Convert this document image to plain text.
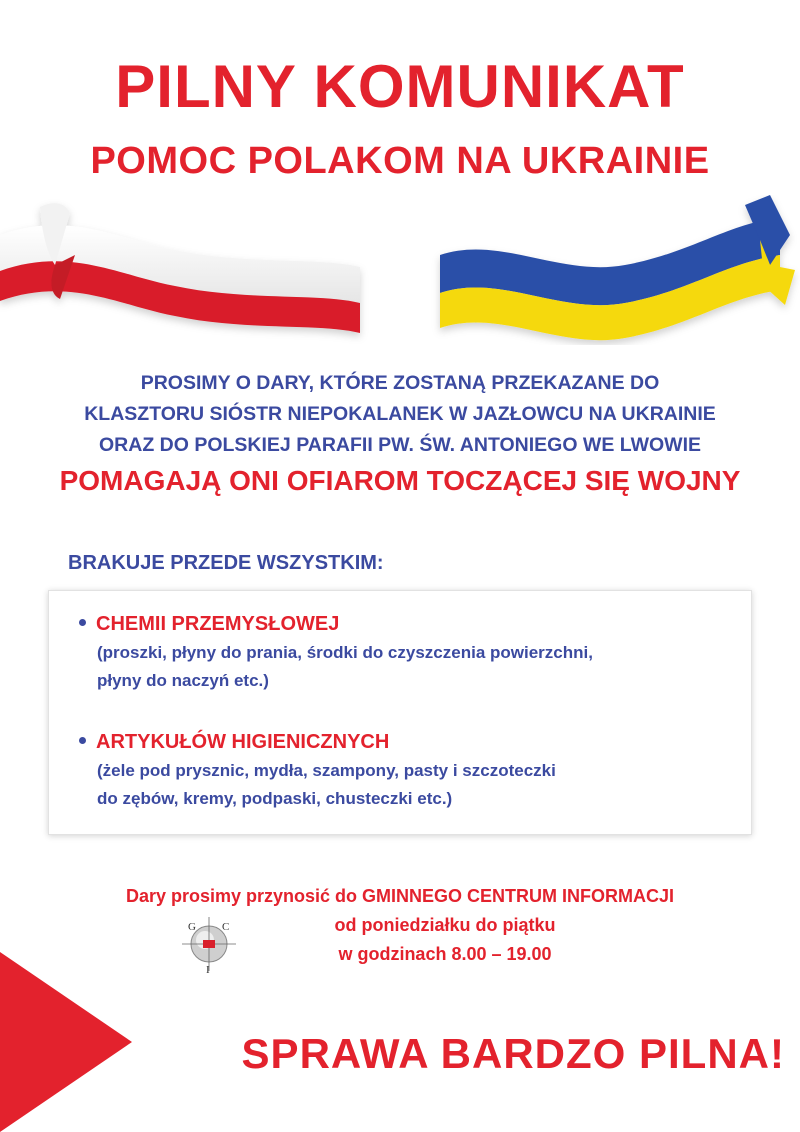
PILNY KOMUNIKAT
POMOC POLAKOM NA UKRAINIE
PROSIMY O DARY, KTÓRE ZOSTANĄ PRZEKAZANE DO
KLASZTORU SIÓSTR NIEPOKALANEK W JAZŁOWCU NA UKRAINIE
ORAZ DO POLSKIEJ PARAFII PW. ŚW. ANTONIEGO WE LWOWIE
POMAGAJĄ ONI OFIAROM TOCZĄCEJ SIĘ WOJNY
BRAKUJE PRZEDE WSZYSTKIM:
CHEMII PRZEMYSŁOWEJ
(proszki, płyny do prania, środki do czyszczenia powierzchni,
płyny do naczyń etc.)
ARTYKUŁÓW HIGIENICZNYCH
(żele pod prysznic, mydła, szampony, pasty i szczoteczki
do zębów, kremy, podpaski, chusteczki etc.)
Dary prosimy przynosić do GMINNEGO CENTRUM INFORMACJI
od poniedziałku do piątku
w godzinach 8.00 – 19.00
G C
I
SPRAWA BARDZO PILNA!
